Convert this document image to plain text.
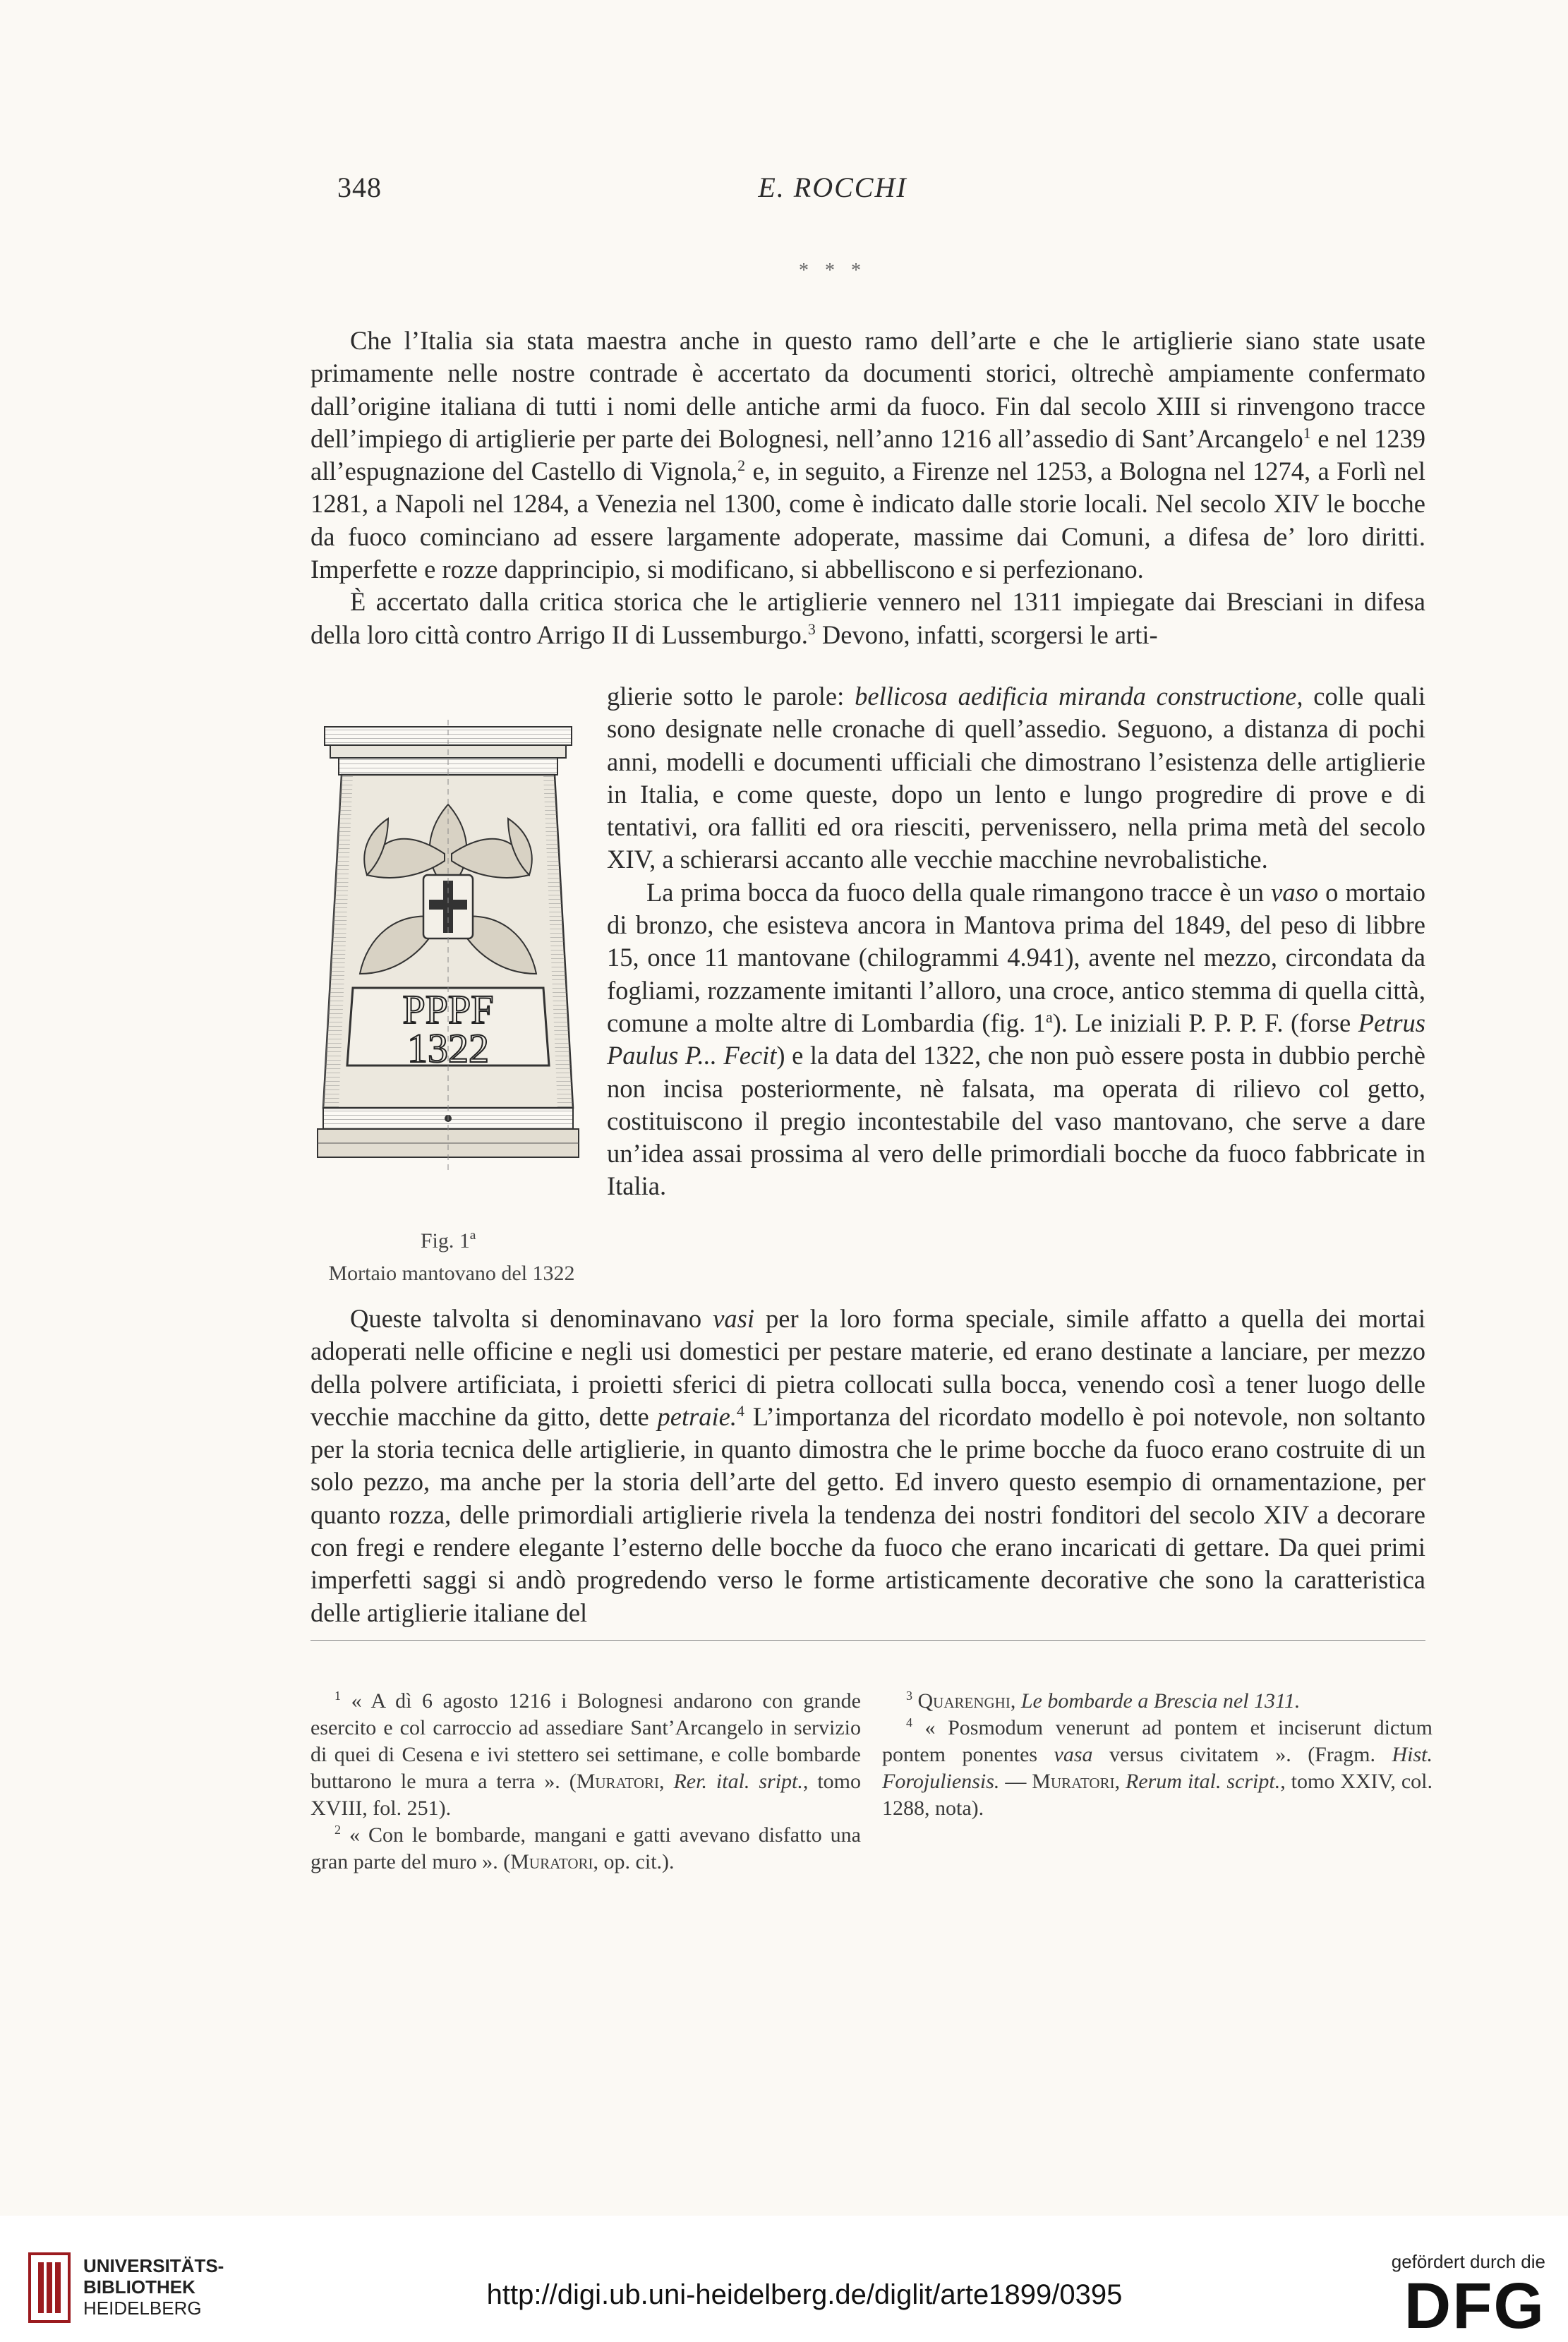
348	E. ROCCHI
* * *

Che l’Italia sia stata maestra anche in questo ramo dell’arte e che le artiglierie siano state usate primamente nelle nostre contrade è accertato da documenti storici, oltrechè ampiamente confermato dall’origine italiana di tutti i nomi delle antiche armi da fuoco. Fin dal secolo XIII si rinvengono tracce dell’impiego di artiglierie per parte dei Bolognesi, nell’anno 1216 all’assedio di Sant’Arcangelo$^1$ e nel 1239 all’espugnazione del Castello di Vignola,$^2$ e, in seguito, a Firenze nel 1253, a Bologna nel 1274, a Forlì nel 1281, a Napoli nel 1284, a Venezia nel 1300, come è indicato dalle storie locali. Nel secolo XIV le bocche da fuoco cominciano ad essere largamente adoperate, massime dai Comuni, a difesa de’ loro diritti. Imperfette e rozze dapprincipio, si modificano, si abbelliscono e si perfezionano.

È accertato dalla critica storica che le artiglierie vennero nel 1311 impiegate dai Bresciani in difesa della loro città contro Arrigo II di Lussemburgo.$^3$ Devono, infatti, scorgersi le arti-

PPPF
1322
Fig. 1ª
Mortaio mantovano del 1322

glierie sotto le parole: bellicosa aedificia miranda constructione, colle quali sono designate nelle cronache di quell’assedio. Seguono, a distanza di pochi anni, modelli e documenti ufficiali che dimostrano l’esistenza delle artiglierie in Italia, e come queste, dopo un lento e lungo progredire di prove e di tentativi, ora falliti ed ora riesciti, pervenissero, nella prima metà del secolo XIV, a schierarsi accanto alle vecchie macchine nevrobalistiche.

La prima bocca da fuoco della quale rimangono tracce è un vaso o mortaio di bronzo, che esisteva ancora in Mantova prima del 1849, del peso di libbre 15, once 11 mantovane (chilogrammi 4.941), avente nel mezzo, circondata da fogliami, rozzamente imitanti l’alloro, una croce, antico stemma di quella città, comune a molte altre di Lombardia (fig. 1$^a$). Le iniziali P. P. P. F. (forse Petrus Paulus P... Fecit) e la data del 1322, che non può essere posta in dubbio perchè non incisa posteriormente, nè falsata, ma operata di rilievo col getto, costituiscono il pregio incontestabile del vaso mantovano, che serve a dare un’idea assai prossima al vero delle primordiali bocche da fuoco fabbricate in Italia.

Queste talvolta si denominavano vasi per la loro forma speciale, simile affatto a quella dei mortai adoperati nelle officine e negli usi domestici per pestare materie, ed erano destinate a lanciare, per mezzo della polvere artificiata, i proietti sferici di pietra collocati sulla bocca, venendo così a tener luogo delle vecchie macchine da gitto, dette petraie.$^4$ L’importanza del ricordato modello è poi notevole, non soltanto per la storia tecnica delle artiglierie, in quanto dimostra che le prime bocche da fuoco erano costruite di un solo pezzo, ma anche per la storia dell’arte del getto. Ed invero questo esempio di ornamentazione, per quanto rozza, delle primordiali artiglierie rivela la tendenza dei nostri fonditori del secolo XIV a decorare con fregi e rendere elegante l’esterno delle bocche da fuoco che erano incaricati di gettare. Da quei primi imperfetti saggi si andò progredendo verso le forme artisticamente decorative che sono la caratteristica delle artiglierie italiane del

$^1$ « A dì 6 agosto 1216 i Bolognesi andarono con grande esercito e col carroccio ad assediare Sant’Arcangelo in servizio di quei di Cesena e ivi stettero sei settimane, e colle bombarde buttarono le mura a terra ». (Muratori, Rer. ital. sript., tomo XVIII, fol. 251).

$^2$ « Con le bombarde, mangani e gatti avevano disfatto una gran parte del muro ». (Muratori, op. cit.).

$^3$ Quarenghi, Le bombarde a Brescia nel 1311.

$^4$ « Posmodum venerunt ad pontem et inciserunt dictum pontem ponentes vasa versus civitatem ». (Fragm. Hist. Forojuliensis. — Muratori, Rerum ital. script., tomo XXIV, col. 1288, nota).

UNIVERSITÄTS-
BIBLIOTHEK
HEIDELBERG	http://digi.ub.uni-heidelberg.de/diglit/arte1899/0395
gefördert durch die
DFG
